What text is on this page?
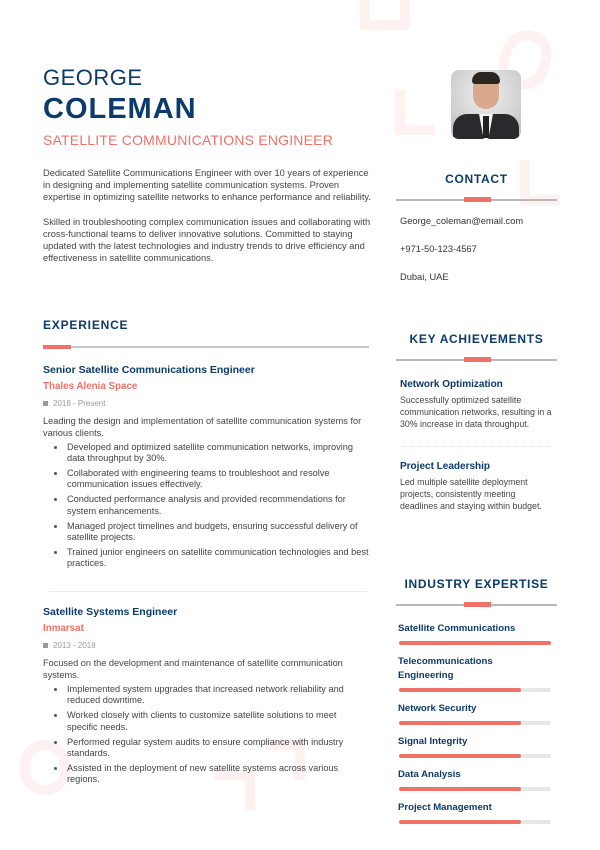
GEORGE
COLEMAN
SATELLITE COMMUNICATIONS ENGINEER

Dedicated Satellite Communications Engineer with over 10 years of experience in designing and implementing satellite communication systems. Proven expertise in optimizing satellite networks to enhance performance and reliability.

Skilled in troubleshooting complex communication issues and collaborating with cross-functional teams to deliver innovative solutions. Committed to staying updated with the latest technologies and industry trends to drive efficiency and effectiveness in satellite communications.

EXPERIENCE
Senior Satellite Communications Engineer
Thales Alenia Space
2018 - Present
Leading the design and implementation of satellite communication systems for various clients.
Developed and optimized satellite communication networks, improving data throughput by 30%.
Collaborated with engineering teams to troubleshoot and resolve communication issues effectively.
Conducted performance analysis and provided recommendations for system enhancements.
Managed project timelines and budgets, ensuring successful delivery of satellite projects.
Trained junior engineers on satellite communication technologies and best practices.
Satellite Systems Engineer
Inmarsat
2013 - 2018
Focused on the development and maintenance of satellite communication systems.
Implemented system upgrades that increased network reliability and reduced downtime.
Worked closely with clients to customize satellite solutions to meet specific needs.
Performed regular system audits to ensure compliance with industry standards.
Assisted in the deployment of new satellite systems across various regions.
CONTACT
George_coleman@email.com
+971-50-123-4567
Dubai, UAE
KEY ACHIEVEMENTS
Network Optimization
Successfully optimized satellite communication networks, resulting in a 30% increase in data throughput.
Project Leadership
Led multiple satellite deployment projects, consistently meeting deadlines and staying within budget.
INDUSTRY EXPERTISE
Satellite Communications
Telecommunications Engineering
Network Security
Signal Integrity
Data Analysis
Project Management
